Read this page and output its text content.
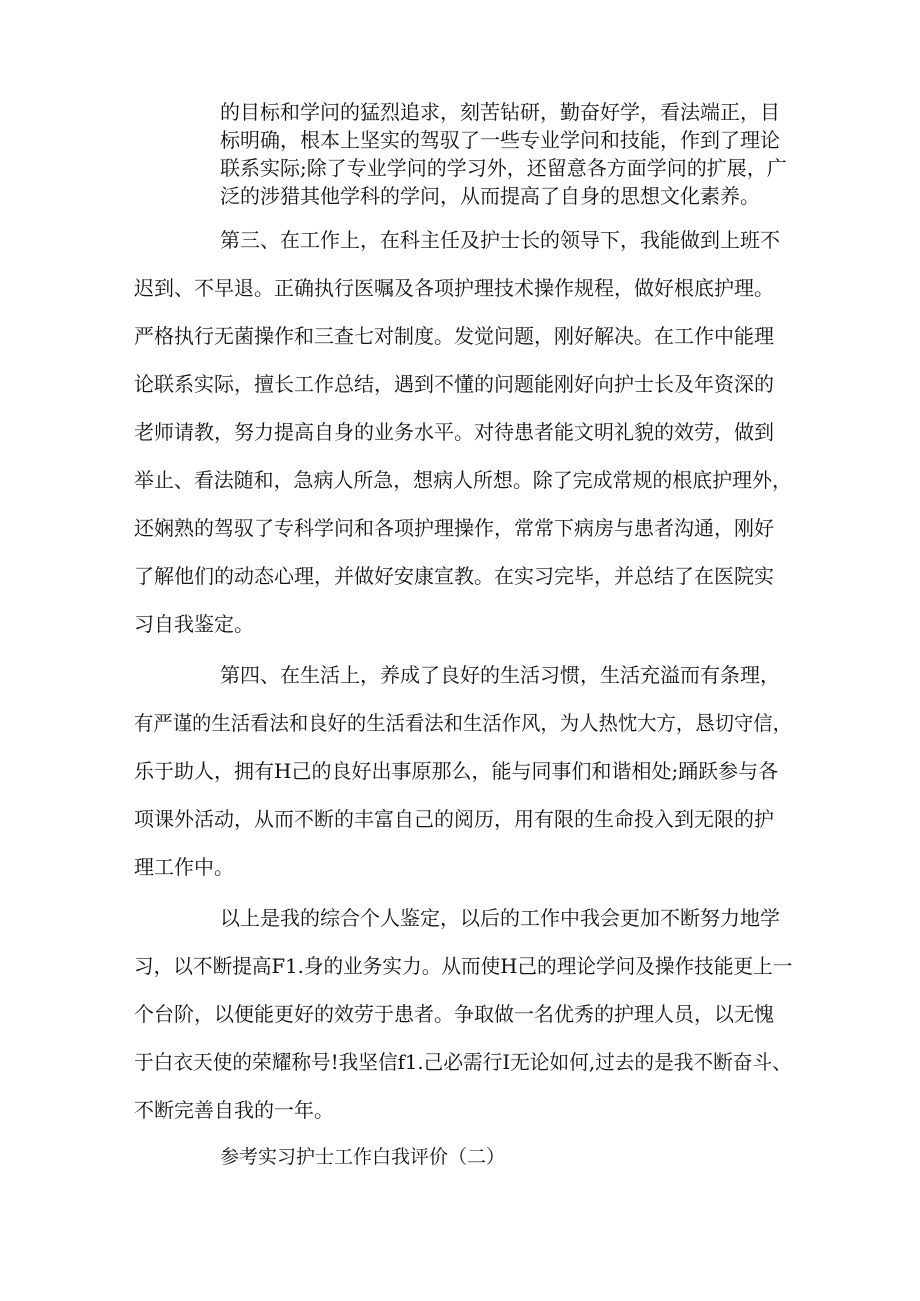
的目标和学问的猛烈追求，刻苦钻研，勤奋好学，看法端正，目
标明确，根本上坚实的驾驭了一些专业学问和技能，作到了理论
联系实际;除了专业学问的学习外，还留意各方面学问的扩展，广
泛的涉猎其他学科的学问，从而提高了自身的思想文化素养。
第三、在工作上，在科主任及护士长的领导下，我能做到上班不
迟到、不早退。正确执行医嘱及各项护理技术操作规程，做好根底护理。
严格执行无菌操作和三查七对制度。发觉问题，刚好解决。在工作中能理
论联系实际，擅长工作总结，遇到不懂的问题能刚好向护士长及年资深的
老师请教，努力提高自身的业务水平。对待患者能文明礼貌的效劳，做到
举止、看法随和，急病人所急，想病人所想。除了完成常规的根底护理外，
还娴熟的驾驭了专科学问和各项护理操作，常常下病房与患者沟通，刚好
了解他们的动态心理，并做好安康宣教。在实习完毕，并总结了在医院实
习自我鉴定。
第四、在生活上，养成了良好的生活习惯，生活充溢而有条理，
有严谨的生活看法和良好的生活看法和生活作风，为人热忱大方，恳切守信，
乐于助人，拥有H己的良好出事原那么，能与同事们和谐相处;踊跃参与各
项课外活动，从而不断的丰富自己的阅历，用有限的生命投入到无限的护
理工作中。
以上是我的综合个人鉴定，以后的工作中我会更加不断努力地学
习，以不断提高F1.身的业务实力。从而使H己的理论学问及操作技能更上一
个台阶，以便能更好的效劳于患者。争取做一名优秀的护理人员，以无愧
于白衣天使的荣耀称号!我坚信f1.己必需行I无论如何,过去的是我不断奋斗、
不断完善自我的一年。
参考实习护士工作白我评价（二）
